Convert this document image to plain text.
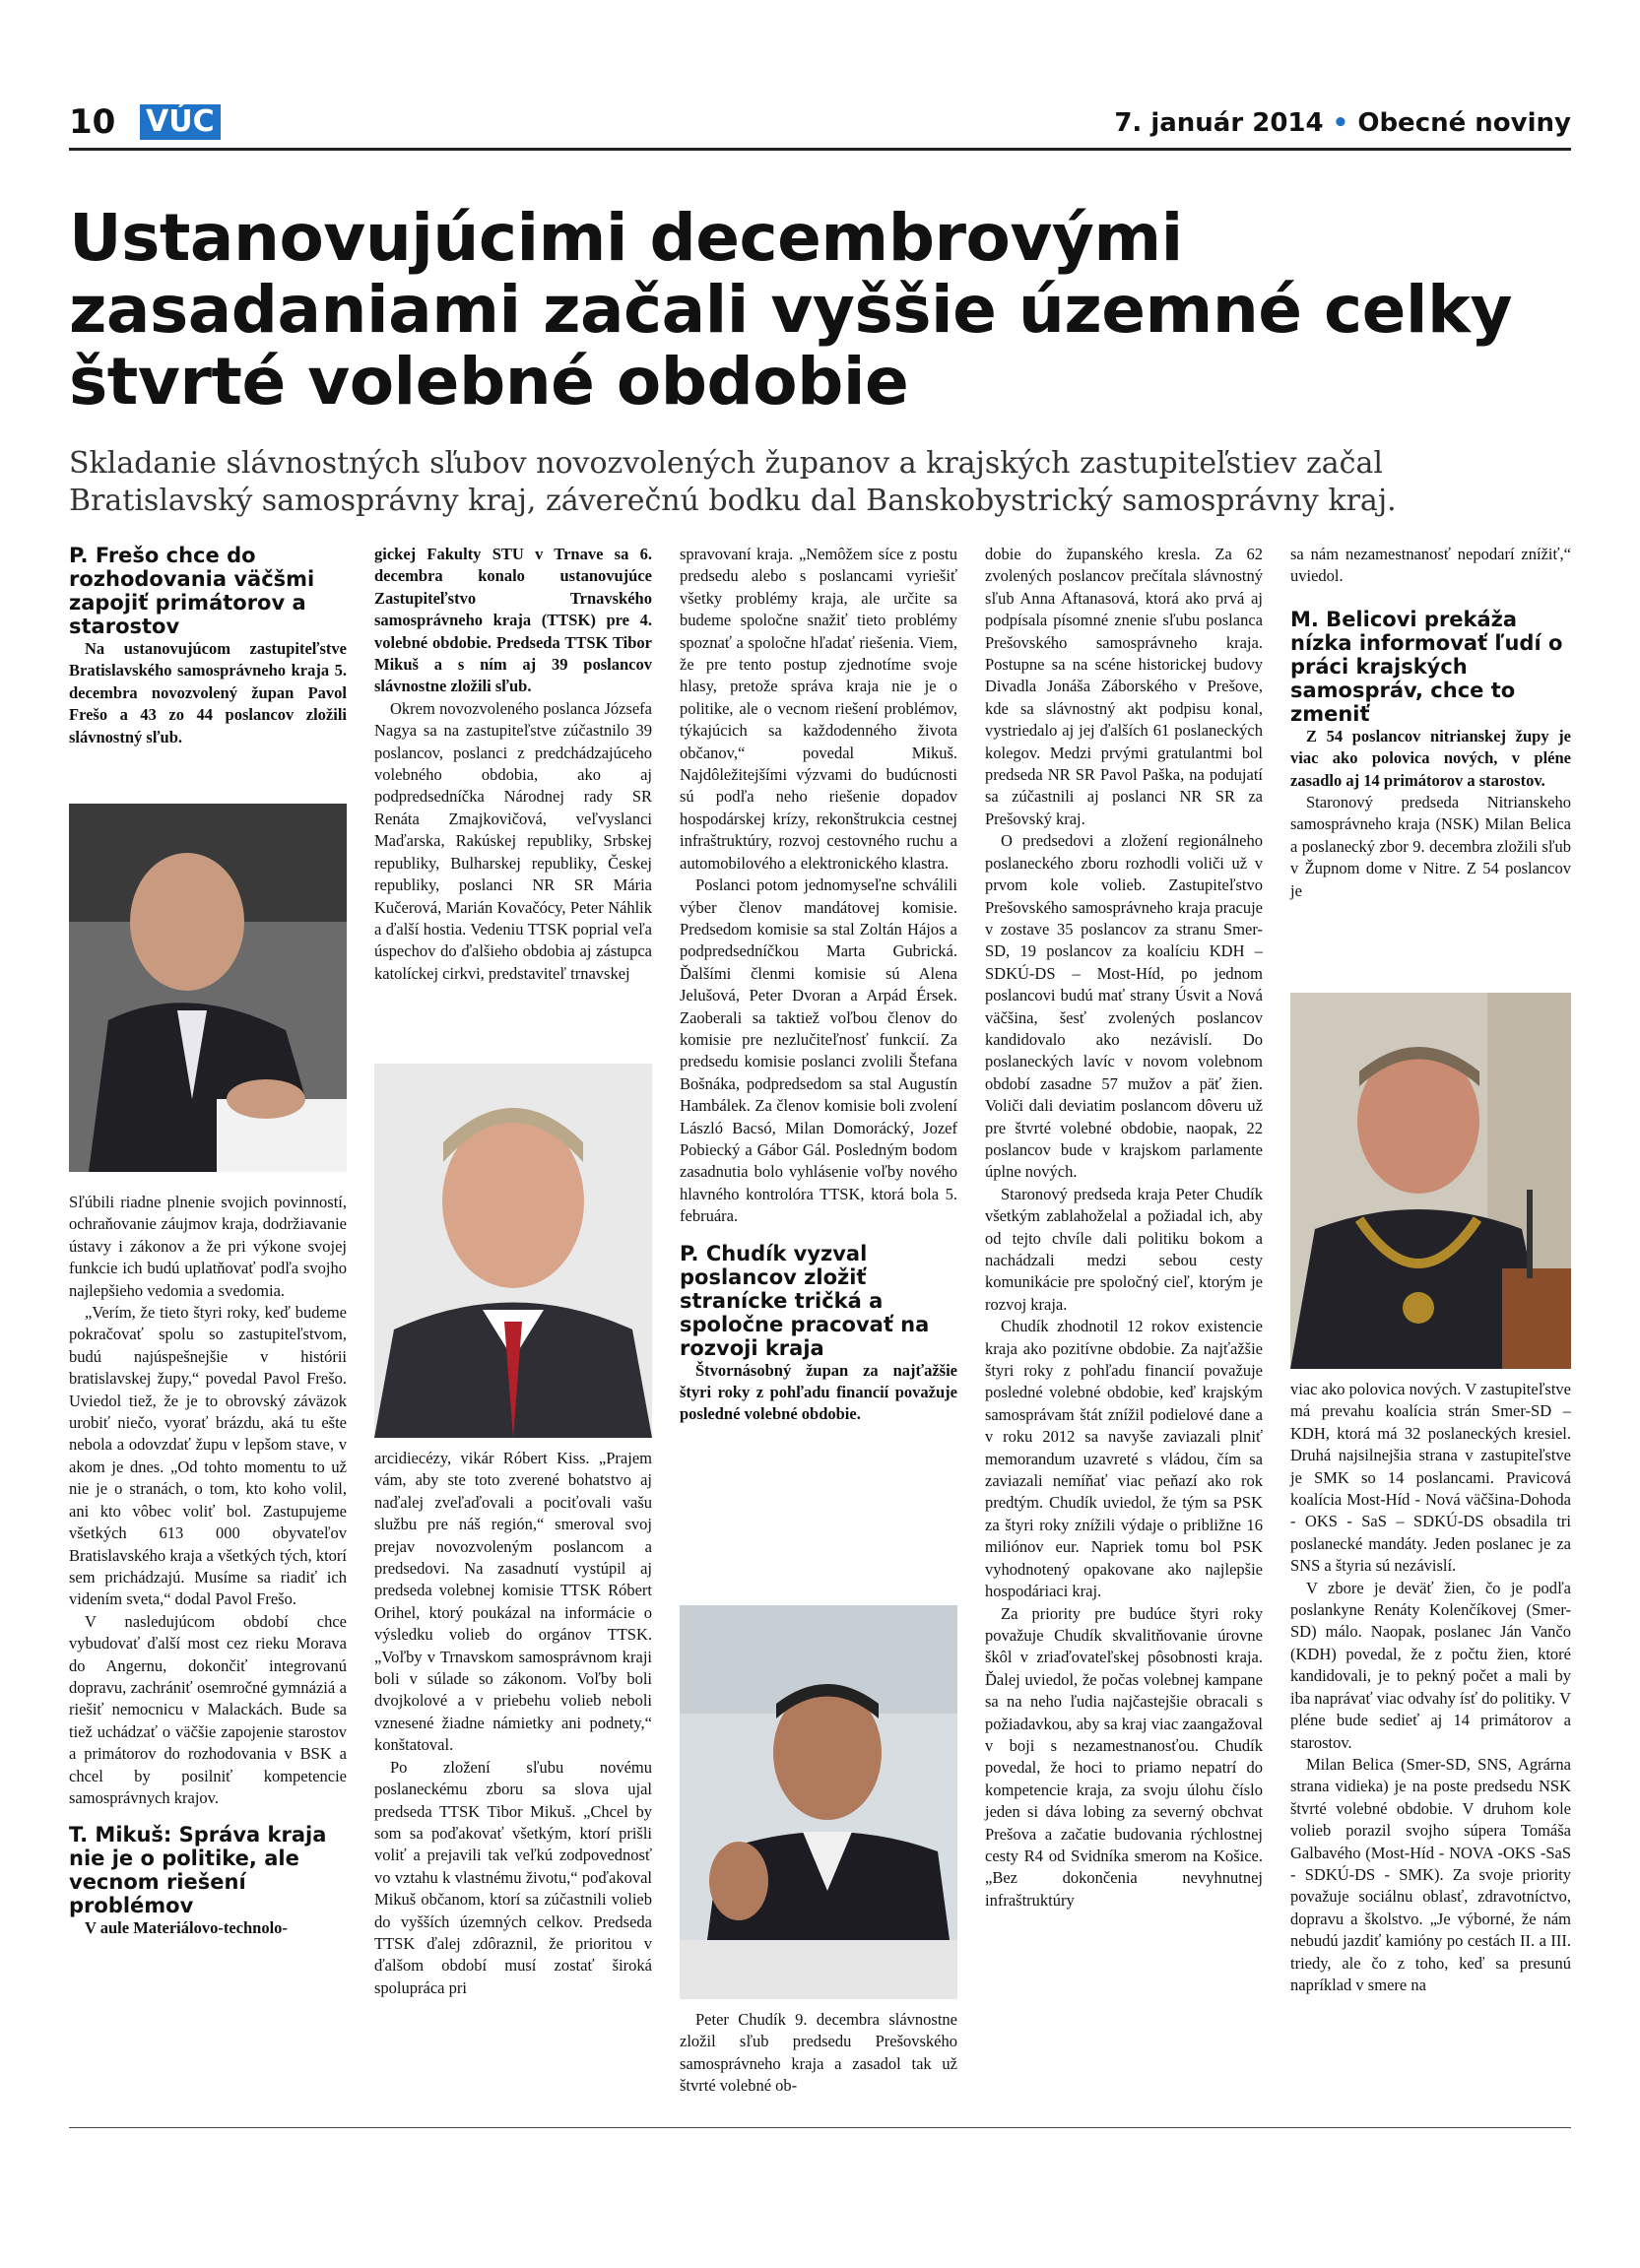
10 VÚC	7. január 2014 • Obecné noviny
Ustanovujúcimi decembrovými zasadaniami začali vyššie územné celky štvrté volebné obdobie

Skladanie slávnostných sľubov novozvolených županov a krajských zastupiteľstiev začal Bratislavský samosprávny kraj, záverečnú bodku dal Banskobystrický samosprávny kraj.

P. Frešo chce do rozhodovania väčšmi zapojiť primátorov a starostov

Na ustanovujúcom zastupiteľstve Bratislavského samosprávneho kraja 5. decembra novozvolený župan Pavol Frešo a 43 zo 44 poslancov zložili slávnostný sľub.

Sľúbili riadne plnenie svojich povinností, ochraňovanie záujmov kraja, dodržiavanie ústavy i zákonov a že pri výkone svojej funkcie ich budú uplatňovať podľa svojho najlepšieho vedomia a svedomia.

„Verím, že tieto štyri roky, keď budeme pokračovať spolu so zastupiteľstvom, budú najúspešnejšie v histórii bratislavskej župy,“ povedal Pavol Frešo. Uviedol tiež, že je to obrovský záväzok urobiť niečo, vyorať brázdu, aká tu ešte nebola a odovzdať župu v lepšom stave, v akom je dnes. „Od tohto momentu to už nie je o stranách, o tom, kto koho volil, ani kto vôbec voliť bol. Zastupujeme všetkých 613 000 obyvateľov Bratislavského kraja a všetkých tých, ktorí sem prichádzajú. Musíme sa riadiť ich videním sveta,“ dodal Pavol Frešo.

V nasledujúcom období chce vybudovať ďalší most cez rieku Morava do Angernu, dokončiť integrovanú dopravu, zachrániť osemročné gymnáziá a riešiť nemocnicu v Malackách. Bude sa tiež uchádzať o väčšie zapojenie starostov a primátorov do rozhodovania v BSK a chcel by posilniť kompetencie samosprávnych krajov.

T. Mikuš: Správa kraja nie je o politike, ale vecnom riešení problémov

V aule Materiálovo-technolo-

gickej Fakulty STU v Trnave sa 6. decembra konalo ustanovujúce Zastupiteľstvo Trnavského samosprávneho kraja (TTSK) pre 4. volebné obdobie. Predseda TTSK Tibor Mikuš a s ním aj 39 poslancov slávnostne zložili sľub.

Okrem novozvoleného poslanca Józsefa Nagya sa na zastupiteľstve zúčastnilo 39 poslancov, poslanci z predchádzajúceho volebného obdobia, ako aj podpredsedníčka Národnej rady SR Renáta Zmajkovičová, veľvyslanci Maďarska, Rakúskej republiky, Srbskej republiky, Bulharskej republiky, Českej republiky, poslanci NR SR Mária Kučerová, Marián Kovačócy, Peter Náhlik a ďalší hostia. Vedeniu TTSK poprial veľa úspechov do ďalšieho obdobia aj zástupca katolíckej cirkvi, predstaviteľ trnavskej

arcidiecézy, vikár Róbert Kiss. „Prajem vám, aby ste toto zverené bohatstvo aj naďalej zveľaďovali a pociťovali vašu službu pre náš región,“ smeroval svoj prejav novozvoleným poslancom a predsedovi. Na zasadnutí vystúpil aj predseda volebnej komisie TTSK Róbert Orihel, ktorý poukázal na informácie o výsledku volieb do orgánov TTSK. „Voľby v Trnavskom samosprávnom kraji boli v súlade so zákonom. Voľby boli dvojkolové a v priebehu volieb neboli vznesené žiadne námietky ani podnety,“ konštatoval.

Po zložení sľubu novému poslaneckému zboru sa slova ujal predseda TTSK Tibor Mikuš. „Chcel by som sa poďakovať všetkým, ktorí prišli voliť a prejavili tak veľkú zodpovednosť vo vztahu k vlastnému životu,“ poďakoval Mikuš občanom, ktorí sa zúčastnili volieb do vyšších územných celkov. Predseda TTSK ďalej zdôraznil, že prioritou v ďalšom období musí zostať široká spolupráca pri

spravovaní kraja. „Nemôžem síce z postu predsedu alebo s poslancami vyriešiť všetky problémy kraja, ale určite sa budeme spoločne snažiť tieto problémy spoznať a spoločne hľadať riešenia. Viem, že pre tento postup zjednotíme svoje hlasy, pretože správa kraja nie je o politike, ale o vecnom riešení problémov, týkajúcich sa každodenného života občanov,“ povedal Mikuš. Najdôležitejšími výzvami do budúcnosti sú podľa neho riešenie dopadov hospodárskej krízy, rekonštrukcia cestnej infraštruktúry, rozvoj cestovného ruchu a automobilového a elektronického klastra.

Poslanci potom jednomyseľne schválili výber členov mandátovej komisie. Predsedom komisie sa stal Zoltán Hájos a podpredsedníčkou Marta Gubrická. Ďalšími členmi komisie sú Alena Jelušová, Peter Dvoran a Arpád Érsek. Zaoberali sa taktiež voľbou členov do komisie pre nezlučiteľnosť funkcií. Za predsedu komisie poslanci zvolili Štefana Bošnáka, podpredsedom sa stal Augustín Hambálek. Za členov komisie boli zvolení László Bacsó, Milan Domorácký, Jozef Pobiecký a Gábor Gál. Posledným bodom zasadnutia bolo vyhlásenie voľby nového hlavného kontrolóra TTSK, ktorá bola 5. februára.

P. Chudík vyzval poslancov zložiť stranícke tričká a spoločne pracovať na rozvoji kraja

Štvornásobný župan za najťažšie štyri roky z pohľadu financií považuje posledné volebné obdobie.

Peter Chudík 9. decembra slávnostne zložil sľub predsedu Prešovského samosprávneho kraja a zasadol tak už štvrté volebné ob-

dobie do županského kresla. Za 62 zvolených poslancov prečítala slávnostný sľub Anna Aftanasová, ktorá ako prvá aj podpísala písomné znenie sľubu poslanca Prešovského samosprávneho kraja. Postupne sa na scéne historickej budovy Divadla Jonáša Záborského v Prešove, kde sa slávnostný akt podpisu konal, vystriedalo aj jej ďalších 61 poslaneckých kolegov. Medzi prvými gratulantmi bol predseda NR SR Pavol Paška, na podujatí sa zúčastnili aj poslanci NR SR za Prešovský kraj.

O predsedovi a zložení regionálneho poslaneckého zboru rozhodli voliči už v prvom kole volieb. Zastupiteľstvo Prešovského samosprávneho kraja pracuje v zostave 35 poslancov za stranu Smer-SD, 19 poslancov za koalíciu KDH – SDKÚ-DS – Most-Híd, po jednom poslancovi budú mať strany Úsvit a Nová väčšina, šesť zvolených poslancov kandidovalo ako nezávislí. Do poslaneckých lavíc v novom volebnom období zasadne 57 mužov a päť žien. Voliči dali deviatim poslancom dôveru už pre štvrté volebné obdobie, naopak, 22 poslancov bude v krajskom parlamente úplne nových.

Staronový predseda kraja Peter Chudík všetkým zablahoželal a požiadal ich, aby od tejto chvíle dali politiku bokom a nachádzali medzi sebou cesty komunikácie pre spoločný cieľ, ktorým je rozvoj kraja.

Chudík zhodnotil 12 rokov existencie kraja ako pozitívne obdobie. Za najťažšie štyri roky z pohľadu financií považuje posledné volebné obdobie, keď krajským samosprávam štát znížil podielové dane a v roku 2012 sa navyše zaviazali plniť memorandum uzavreté s vládou, čím sa zaviazali nemíňať viac peňazí ako rok predtým. Chudík uviedol, že tým sa PSK za štyri roky znížili výdaje o približne 16 miliónov eur. Napriek tomu bol PSK vyhodnotený opakovane ako najlepšie hospodáriaci kraj.

Za priority pre budúce štyri roky považuje Chudík skvalitňovanie úrovne škôl v zriaďovateľskej pôsobnosti kraja. Ďalej uviedol, že počas volebnej kampane sa na neho ľudia najčastejšie obracali s požiadavkou, aby sa kraj viac zaangažoval v boji s nezamestnanosťou. Chudík povedal, že hoci to priamo nepatrí do kompetencie kraja, za svoju úlohu číslo jeden si dáva lobing za severný obchvat Prešova a začatie budovania rýchlostnej cesty R4 od Svidníka smerom na Košice. „Bez dokončenia nevyhnutnej infraštruktúry

sa nám nezamestnanosť nepodarí znížiť,“ uviedol.

M. Belicovi prekáža nízka informovať ľudí o práci krajských samospráv, chce to zmeniť

Z 54 poslancov nitrianskej župy je viac ako polovica nových, v pléne zasadlo aj 14 primátorov a starostov.

Staronový predseda Nitrianskeho samosprávneho kraja (NSK) Milan Belica a poslanecký zbor 9. decembra zložili sľub v Župnom dome v Nitre. Z 54 poslancov je

viac ako polovica nových. V zastupiteľstve má prevahu koalícia strán Smer-SD – KDH, ktorá má 32 poslaneckých kresiel. Druhá najsilnejšia strana v zastupiteľstve je SMK so 14 poslancami. Pravicová koalícia Most-Híd - Nová väčšina-Dohoda - OKS - SaS – SDKÚ-DS obsadila tri poslanecké mandáty. Jeden poslanec je za SNS a štyria sú nezávislí.

V zbore je deväť žien, čo je podľa poslankyne Renáty Kolenčíkovej (Smer-SD) málo. Naopak, poslanec Ján Vančo (KDH) povedal, že z počtu žien, ktoré kandidovali, je to pekný počet a mali by iba naprávať viac odvahy ísť do politiky. V pléne bude sedieť aj 14 primátorov a starostov.

Milan Belica (Smer-SD, SNS, Agrárna strana vidieka) je na poste predsedu NSK štvrté volebné obdobie. V druhom kole volieb porazil svojho súpera Tomáša Galbavého (Most-Híd - NOVA -OKS -SaS - SDKÚ-DS - SMK). Za svoje priority považuje sociálnu oblasť, zdravotníctvo, dopravu a školstvo. „Je výborné, že nám nebudú jazdiť kamióny po cestách II. a III. triedy, ale čo z toho, keď sa presunú napríklad v smere na
